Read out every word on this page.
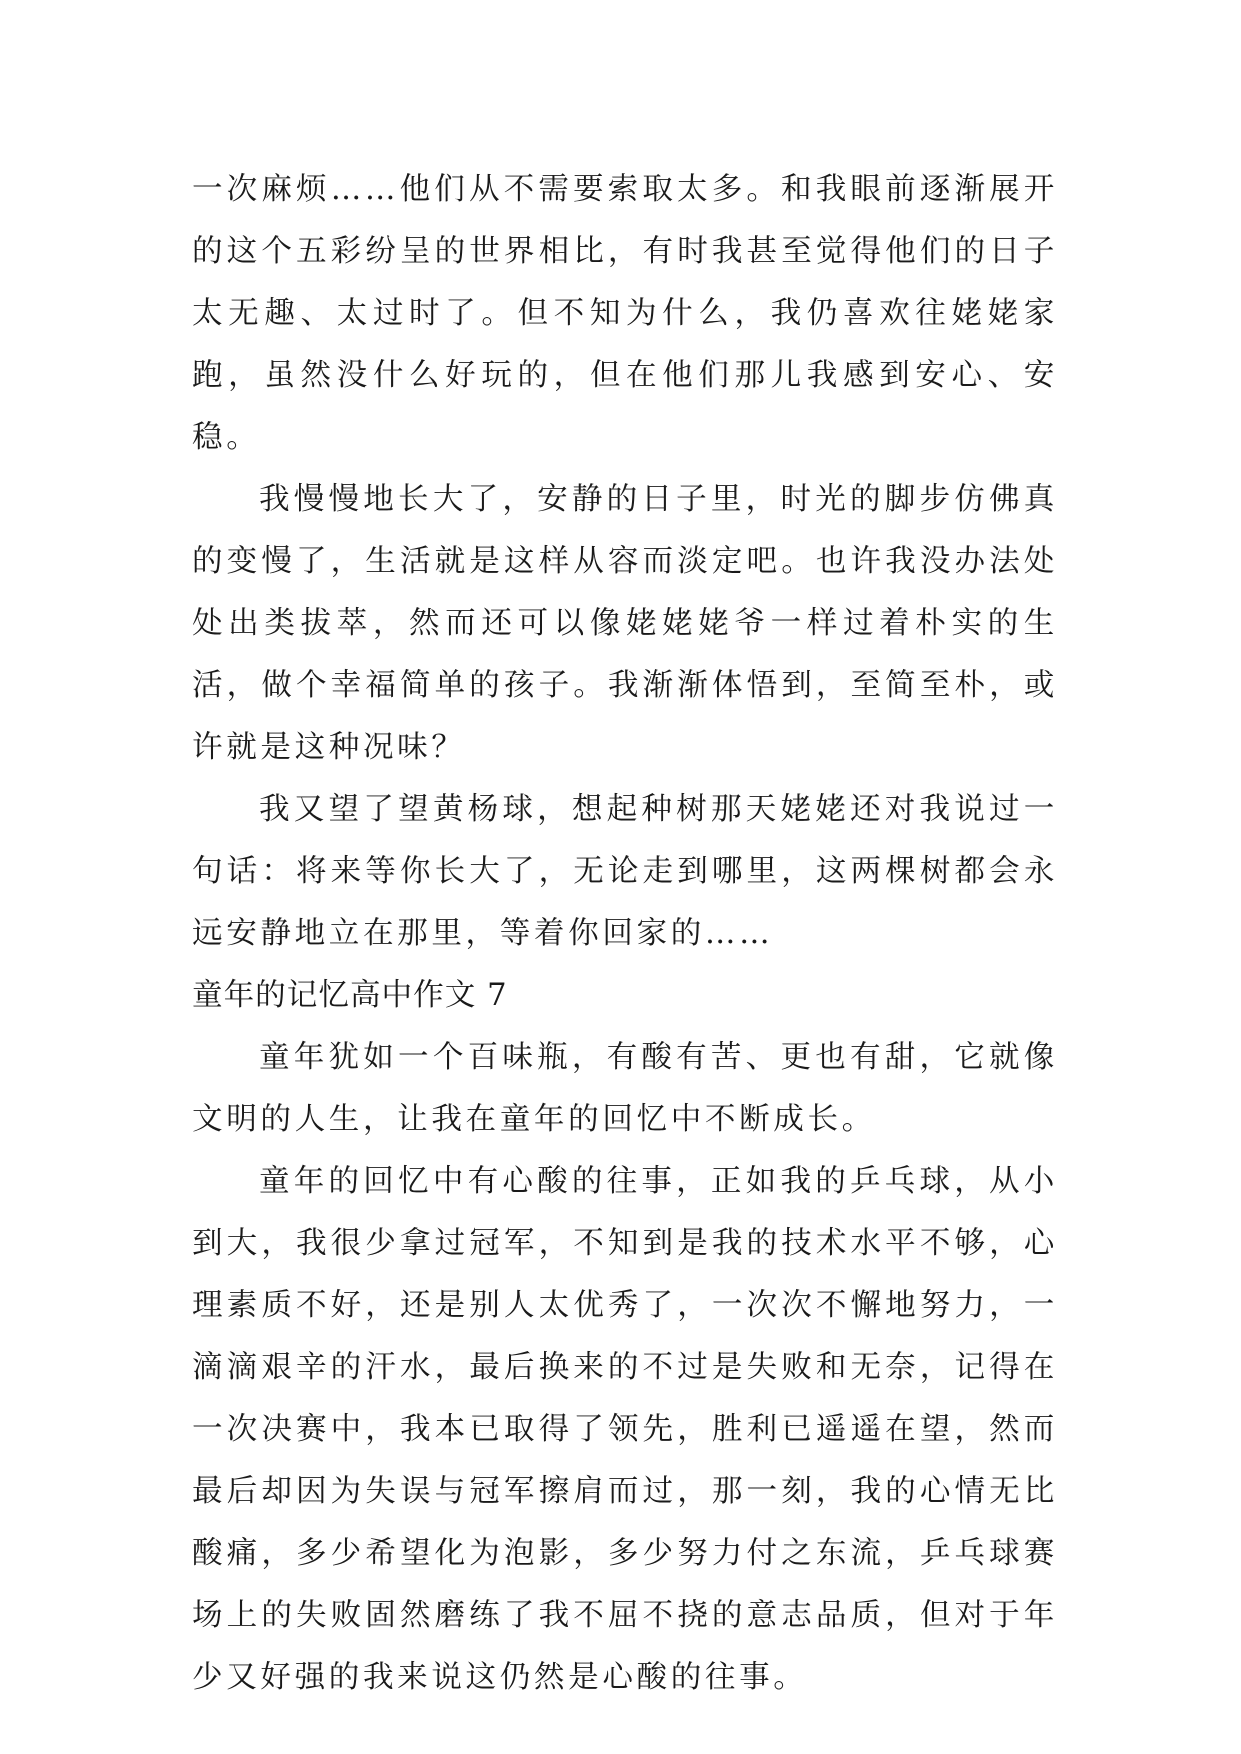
一次麻烦……他们从不需要索取太多。和我眼前逐渐展开的这个五彩纷呈的世界相比，有时我甚至觉得他们的日子太无趣、太过时了。但不知为什么，我仍喜欢往姥姥家跑，虽然没什么好玩的，但在他们那儿我感到安心、安稳。

我慢慢地长大了，安静的日子里，时光的脚步仿佛真的变慢了，生活就是这样从容而淡定吧。也许我没办法处处出类拔萃，然而还可以像姥姥姥爷一样过着朴实的生活，做个幸福简单的孩子。我渐渐体悟到，至简至朴，或许就是这种况味？

我又望了望黄杨球，想起种树那天姥姥还对我说过一句话：将来等你长大了，无论走到哪里，这两棵树都会永远安静地立在那里，等着你回家的……

童年的记忆高中作文 7

童年犹如一个百味瓶，有酸有苦、更也有甜，它就像文明的人生，让我在童年的回忆中不断成长。

童年的回忆中有心酸的往事，正如我的乒乓球，从小到大，我很少拿过冠军，不知到是我的技术水平不够，心理素质不好，还是别人太优秀了，一次次不懈地努力，一滴滴艰辛的汗水，最后换来的不过是失败和无奈，记得在一次决赛中，我本已取得了领先，胜利已遥遥在望，然而最后却因为失误与冠军擦肩而过，那一刻，我的心情无比酸痛，多少希望化为泡影，多少努力付之东流，乒乓球赛场上的失败固然磨练了我不屈不挠的意志品质，但对于年少又好强的我来说这仍然是心酸的往事。
